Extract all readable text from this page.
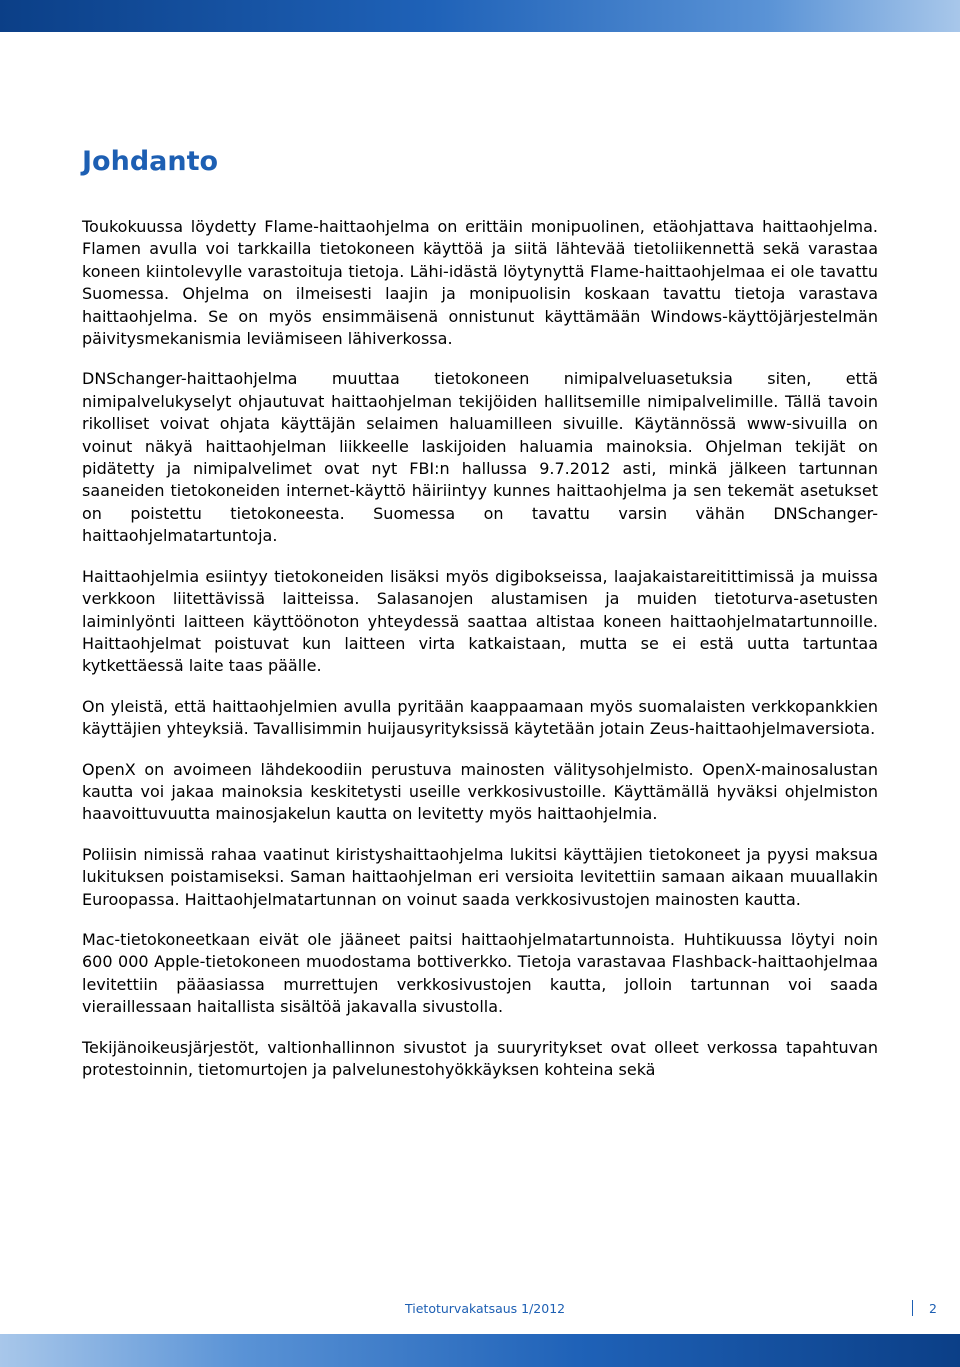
Johdanto

Toukokuussa löydetty Flame-haittaohjelma on erittäin monipuolinen, etäohjattava haittaohjelma. Flamen avulla voi tarkkailla tietokoneen käyttöä ja siitä lähtevää tietoliikennettä sekä varastaa koneen kiintolevylle varastoituja tietoja. Lähi-idästä löytynyttä Flame-haittaohjelmaa ei ole tavattu Suomessa. Ohjelma on ilmeisesti laajin ja monipuolisin koskaan tavattu tietoja varastava haittaohjelma. Se on myös ensimmäisenä onnistunut käyttämään Windows-käyttöjärjestelmän päivitysmekanismia leviämiseen lähiverkossa.

DNSchanger-haittaohjelma muuttaa tietokoneen nimipalveluasetuksia siten, että nimipalvelukyselyt ohjautuvat haittaohjelman tekijöiden hallitsemille nimipalvelimille. Tällä tavoin rikolliset voivat ohjata käyttäjän selaimen haluamilleen sivuille. Käytännössä www-sivuilla on voinut näkyä haittaohjelman liikkeelle laskijoiden haluamia mainoksia. Ohjelman tekijät on pidätetty ja nimipalvelimet ovat nyt FBI:n hallussa 9.7.2012 asti, minkä jälkeen tartunnan saaneiden tietokoneiden internet-käyttö häiriintyy kunnes haittaohjelma ja sen tekemät asetukset on poistettu tietokoneesta. Suomessa on tavattu varsin vähän DNSchanger-haittaohjelmatartuntoja.

Haittaohjelmia esiintyy tietokoneiden lisäksi myös digibokseissa, laajakaistareitittimissä ja muissa verkkoon liitettävissä laitteissa. Salasanojen alustamisen ja muiden tietoturva-asetusten laiminlyönti laitteen käyttöönoton yhteydessä saattaa altistaa koneen haittaohjelmatartunnoille. Haittaohjelmat poistuvat kun laitteen virta katkaistaan, mutta se ei estä uutta tartuntaa kytkettäessä laite taas päälle.

On yleistä, että haittaohjelmien avulla pyritään kaappaamaan myös suomalaisten verkkopankkien käyttäjien yhteyksiä. Tavallisimmin huijausyrityksissä käytetään jotain Zeus-haittaohjelmaversiota.

OpenX on avoimeen lähdekoodiin perustuva mainosten välitysohjelmisto. OpenX-mainosalustan kautta voi jakaa mainoksia keskitetysti useille verkkosivustoille. Käyttämällä hyväksi ohjelmiston haavoittuvuutta mainosjakelun kautta on levitetty myös haittaohjelmia.

Poliisin nimissä rahaa vaatinut kiristyshaittaohjelma lukitsi käyttäjien tietokoneet ja pyysi maksua lukituksen poistamiseksi. Saman haittaohjelman eri versioita levitettiin samaan aikaan muuallakin Euroopassa. Haittaohjelmatartunnan on voinut saada verkkosivustojen mainosten kautta.

Mac-tietokoneetkaan eivät ole jääneet paitsi haittaohjelmatartunnoista. Huhtikuussa löytyi noin 600 000 Apple-tietokoneen muodostama bottiverkko. Tietoja varastavaa Flashback-haittaohjelmaa levitettiin pääasiassa murrettujen verkkosivustojen kautta, jolloin tartunnan voi saada vieraillessaan haitallista sisältöä jakavalla sivustolla.

Tekijänoikeusjärjestöt, valtionhallinnon sivustot ja suuryritykset ovat olleet verkossa tapahtuvan protestoinnin, tietomurtojen ja palvelunestohyökkäyksen kohteina sekä

Tietoturvakatsaus 1/2012	2
